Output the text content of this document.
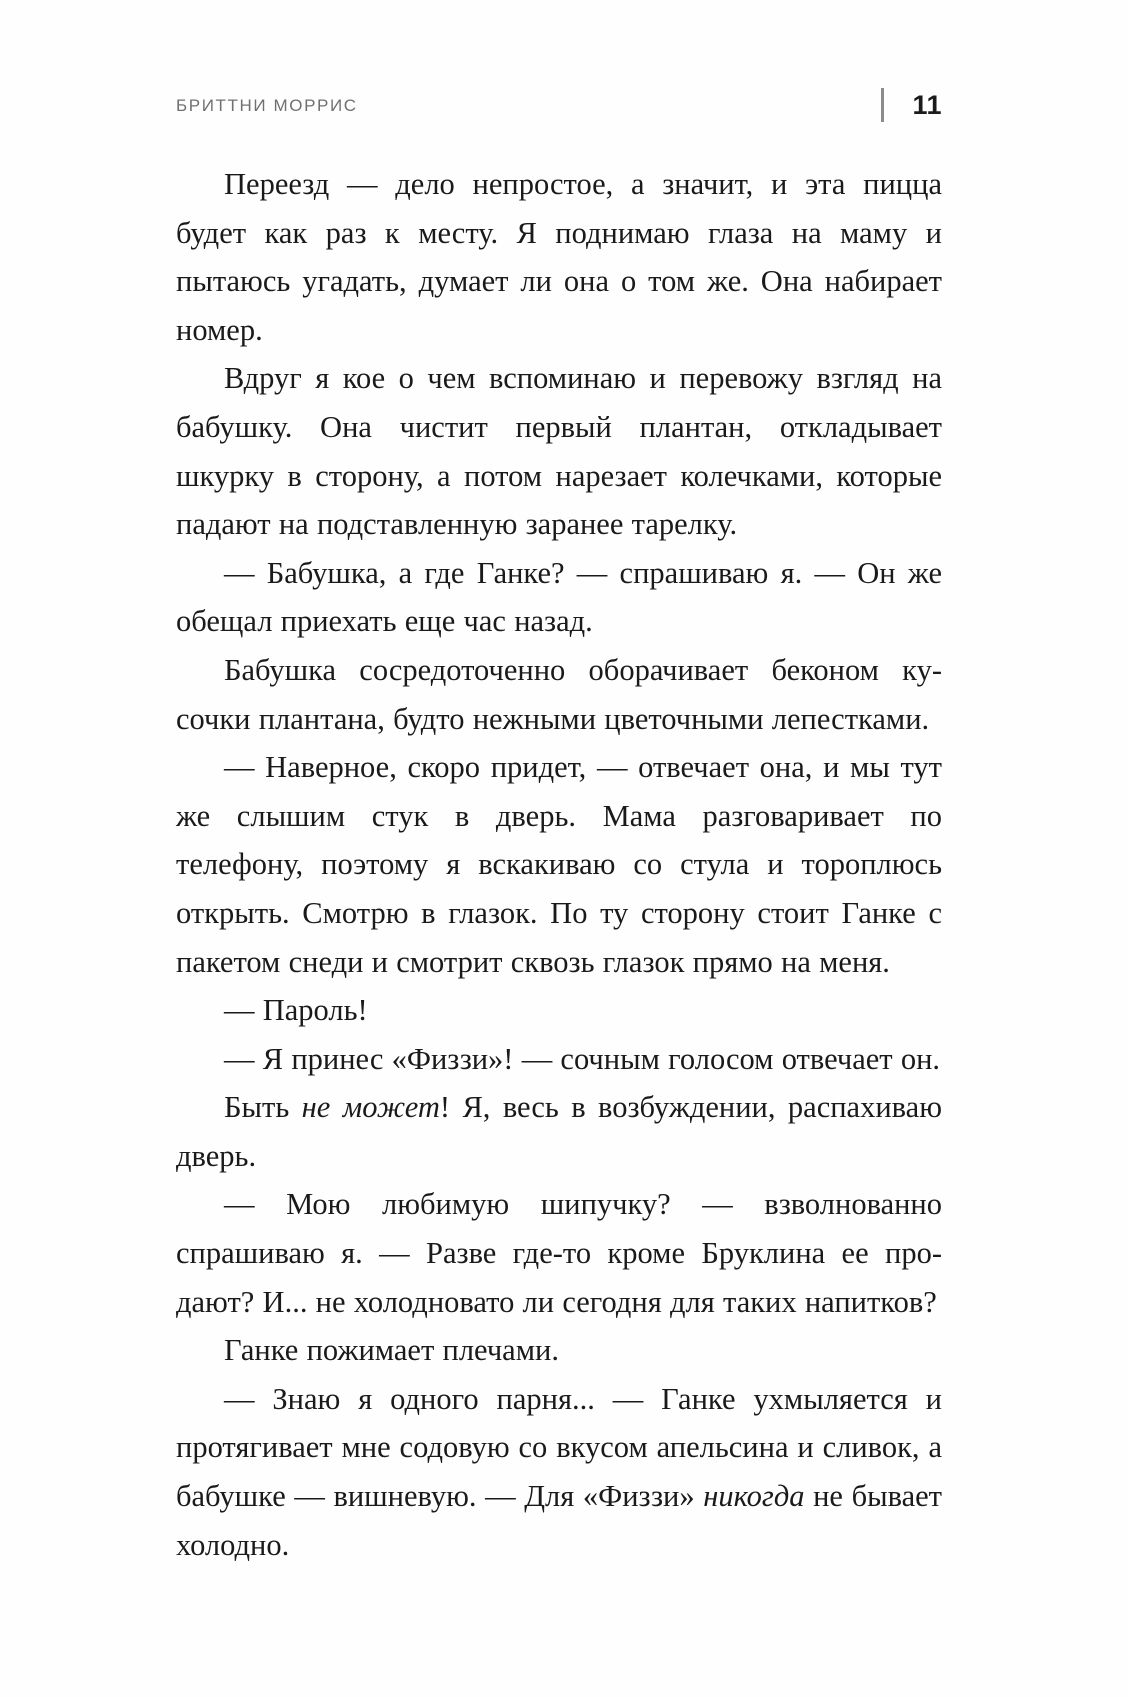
БРИТТНИ МОРРИС	11

Переезд — дело непростое, а значит, и эта пицца будет как раз к месту. Я поднимаю глаза на маму и пытаюсь угадать, думает ли она о том же. Она набирает номер.

Вдруг я кое о чем вспоминаю и перевожу взгляд на бабушку. Она чистит первый плантан, откладывает шкурку в сторону, а потом нарезает колечками, которые падают на подставленную заранее тарелку.

— Бабушка, а где Ганке? — спрашиваю я. — Он же обещал приехать еще час назад.

Бабушка сосредоточенно оборачивает беконом кусочки плантана, будто нежными цветочными лепестками.

— Наверное, скоро придет, — отвечает она, и мы тут же слышим стук в дверь. Мама разговаривает по телефону, поэтому я вскакиваю со стула и тороплюсь открыть. Смотрю в глазок. По ту сторону стоит Ганке с пакетом снеди и смотрит сквозь глазок прямо на меня.

— Пароль!

— Я принес «Физзи»! — сочным голосом отвечает он.

Быть не может! Я, весь в возбуждении, распахиваю дверь.

— Мою любимую шипучку? — взволнованно спрашиваю я. — Разве где-то кроме Бруклина ее продают? И... не холодновато ли сегодня для таких напитков?

Ганке пожимает плечами.

— Знаю я одного парня... — Ганке ухмыляется и протягивает мне содовую со вкусом апельсина и сливок, а бабушке — вишневую. — Для «Физзи» никогда не бывает холодно.
